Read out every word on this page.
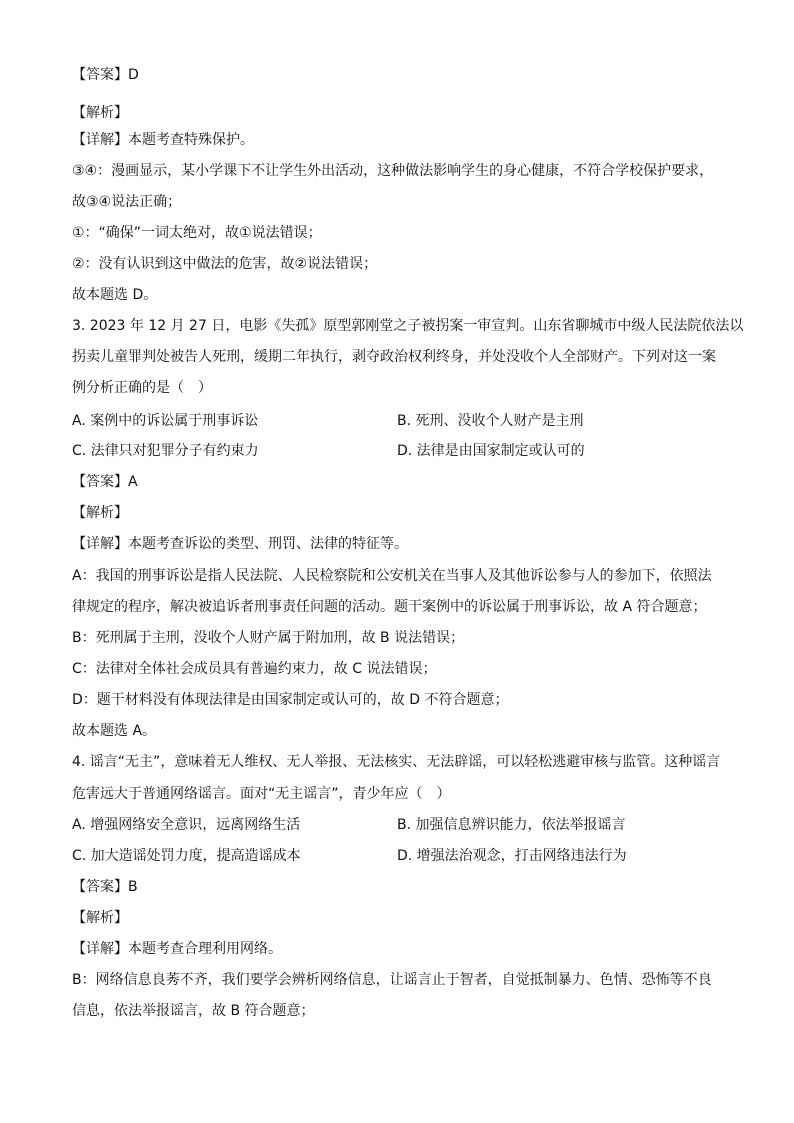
【答案】D
【解析】
【详解】本题考查特殊保护。
③④：漫画显示，某小学课下不让学生外出活动，这种做法影响学生的身心健康，不符合学校保护要求，
故③④说法正确；
①：“确保”一词太绝对，故①说法错误；
②：没有认识到这中做法的危害，故②说法错误；
故本题选 D。
3. 2023 年 12 月 27 日，电影《失孤》原型郭刚堂之子被拐案一审宣判。山东省聊城市中级人民法院依法以
拐卖儿童罪判处被告人死刑，缓期二年执行，剥夺政治权利终身，并处没收个人全部财产。下列对这一案
例分析正确的是（　）
A. 案例中的诉讼属于刑事诉讼	B. 死刑、没收个人财产是主刑
C. 法律只对犯罪分子有约束力	D. 法律是由国家制定或认可的
【答案】A
【解析】
【详解】本题考查诉讼的类型、刑罚、法律的特征等。
A：我国的刑事诉讼是指人民法院、人民检察院和公安机关在当事人及其他诉讼参与人的参加下，依照法
律规定的程序，解决被追诉者刑事责任问题的活动。题干案例中的诉讼属于刑事诉讼，故 A 符合题意；
B：死刑属于主刑，没收个人财产属于附加刑，故 B 说法错误；
C：法律对全体社会成员具有普遍约束力，故 C 说法错误；
D：题干材料没有体现法律是由国家制定或认可的，故 D 不符合题意；
故本题选 A。
4. 谣言“无主”，意味着无人维权、无人举报、无法核实、无法辟谣，可以轻松逃避审核与监管。这种谣言
危害远大于普通网络谣言。面对“无主谣言”，青少年应（　）
A. 增强网络安全意识，远离网络生活	B. 加强信息辨识能力，依法举报谣言
C. 加大造谣处罚力度，提高造谣成本	D. 增强法治观念，打击网络违法行为
【答案】B
【解析】
【详解】本题考查合理利用网络。
B：网络信息良莠不齐，我们要学会辨析网络信息，让谣言止于智者，自觉抵制暴力、色情、恐怖等不良
信息，依法举报谣言，故 B 符合题意；
